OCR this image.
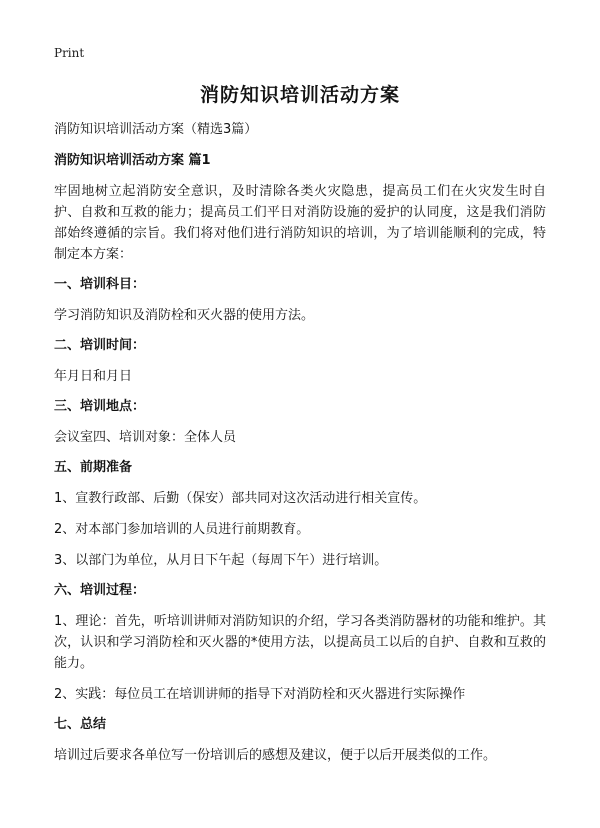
Print
消防知识培训活动方案
消防知识培训活动方案（精选3篇）
消防知识培训活动方案 篇1
牢固地树立起消防安全意识，及时清除各类火灾隐患，提高员工们在火灾发生时自护、自救和互救的能力；提高员工们平日对消防设施的爱护的认同度，这是我们消防部始终遵循的宗旨。我们将对他们进行消防知识的培训，为了培训能顺利的完成，特制定本方案：
一、培训科目：
学习消防知识及消防栓和灭火器的使用方法。
二、培训时间：
年月日和月日
三、培训地点：
会议室四、培训对象：全体人员
五、前期准备
1、宣教行政部、后勤（保安）部共同对这次活动进行相关宣传。
2、对本部门参加培训的人员进行前期教育。
3、以部门为单位，从月日下午起（每周下午）进行培训。
六、培训过程：
1、理论：首先，听培训讲师对消防知识的介绍，学习各类消防器材的功能和维护。其次，认识和学习消防栓和灭火器的*使用方法，以提高员工以后的自护、自救和互救的能力。
2、实践：每位员工在培训讲师的指导下对消防栓和灭火器进行实际操作
七、总结
培训过后要求各单位写一份培训后的感想及建议，便于以后开展类似的工作。
